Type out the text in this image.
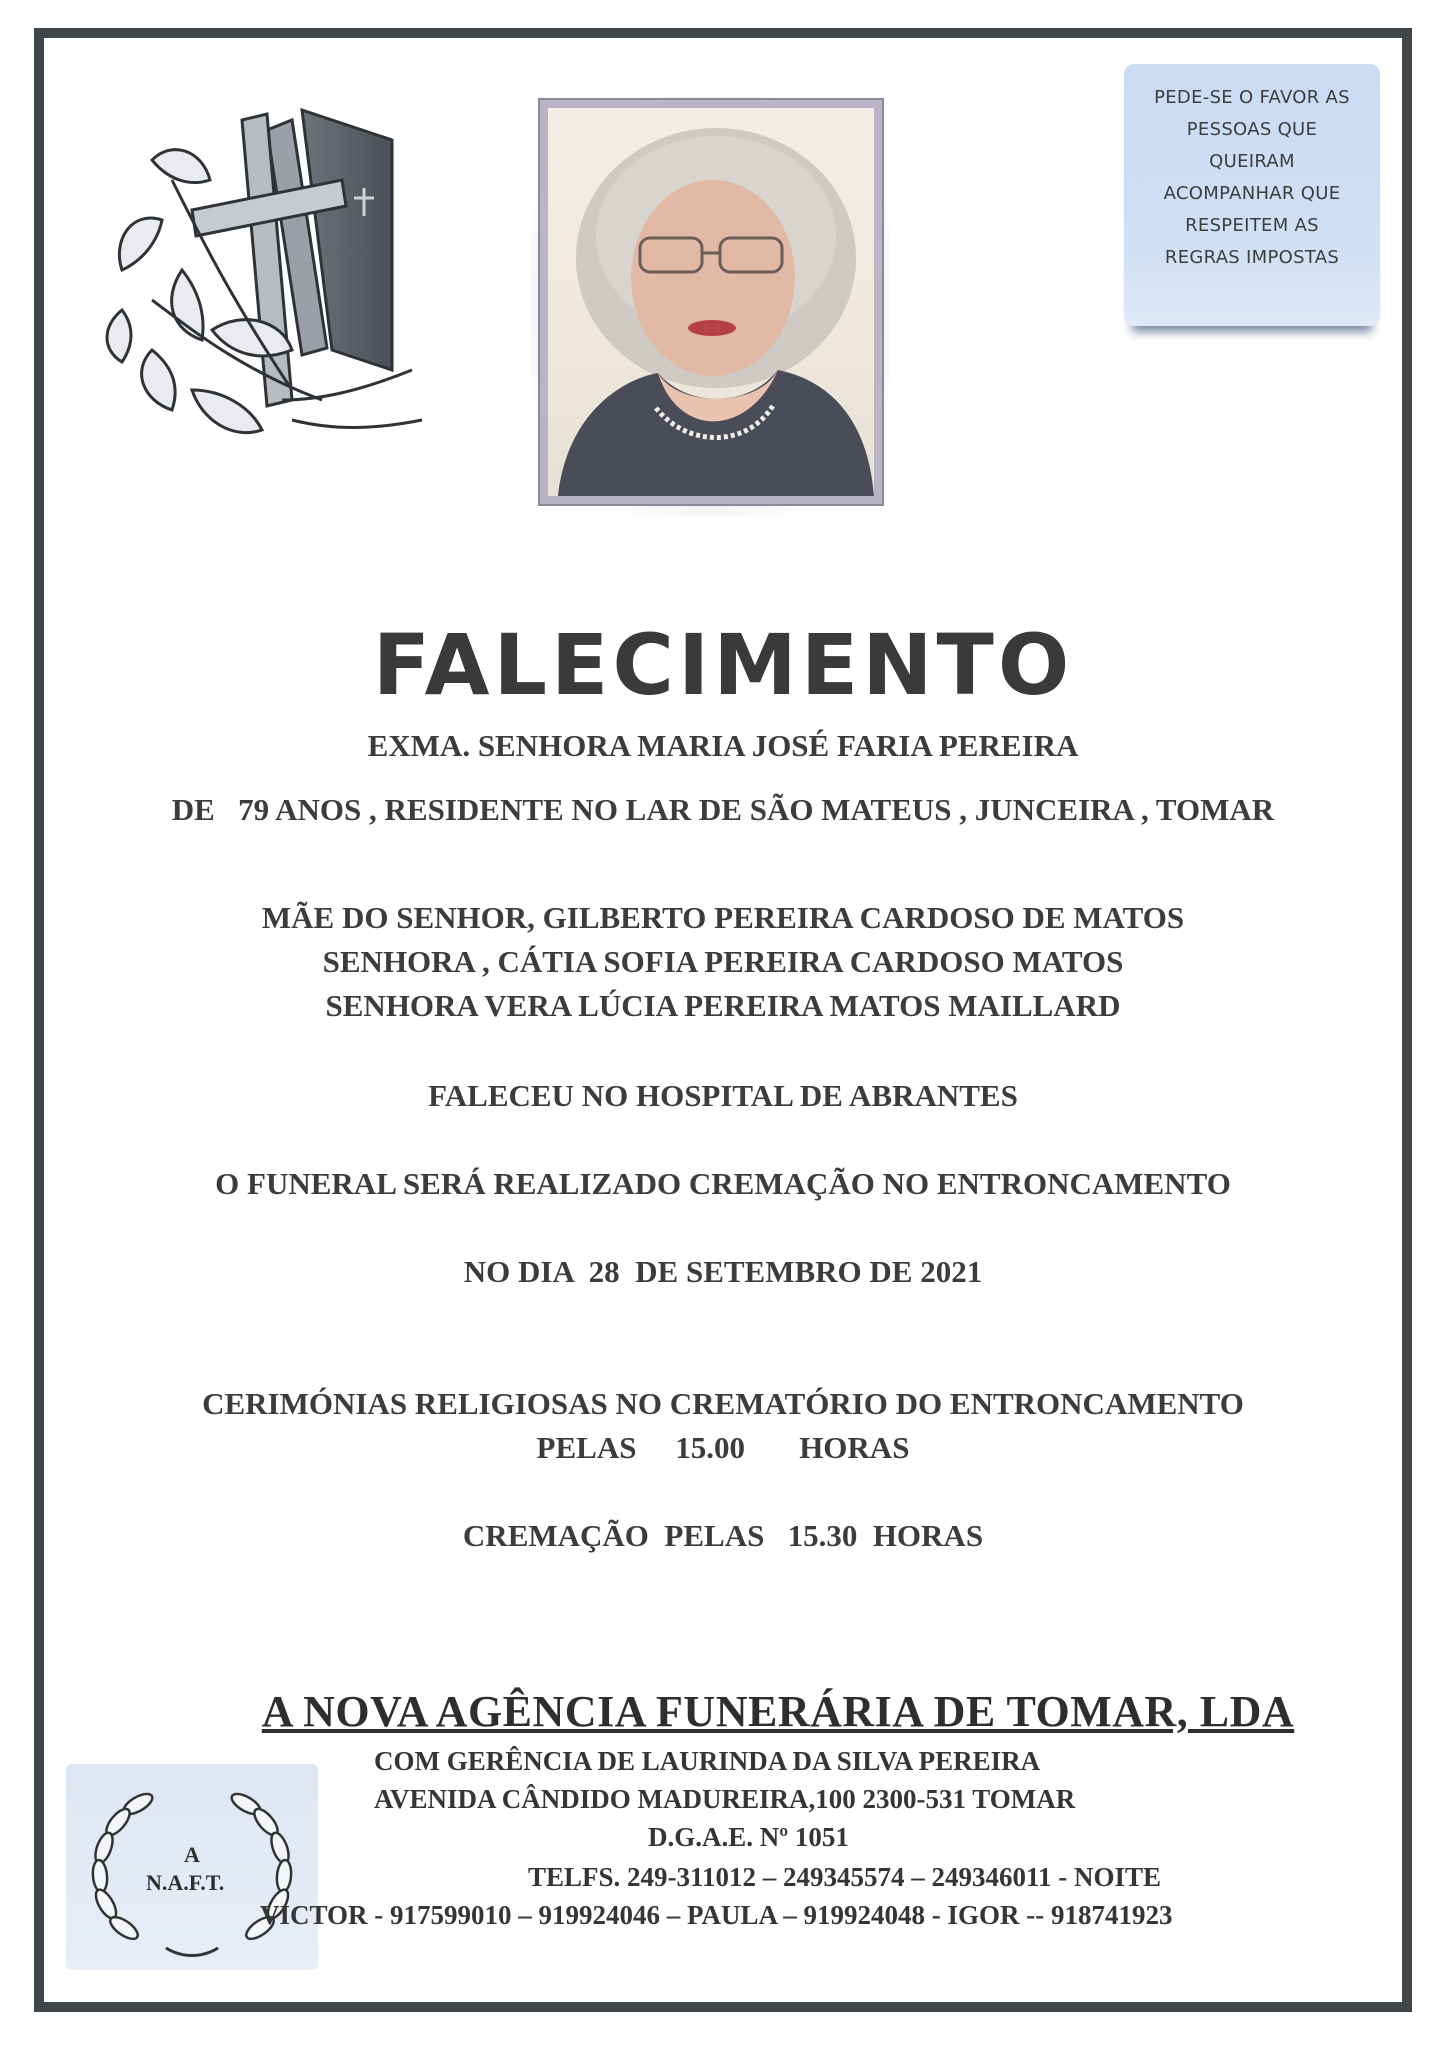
PEDE-SE O FAVOR AS
PESSOAS QUE
QUEIRAM
ACOMPANHAR QUE
RESPEITEM AS
REGRAS IMPOSTAS

FALECIMENTO
EXMA. SENHORA MARIA JOSÉ FARIA PEREIRA
DE   79 ANOS , RESIDENTE NO LAR DE SÃO MATEUS , JUNCEIRA , TOMAR
MÃE DO SENHOR, GILBERTO PEREIRA CARDOSO DE MATOS
SENHORA , CÁTIA SOFIA PEREIRA CARDOSO MATOS
SENHORA VERA LÚCIA PEREIRA MATOS MAILLARD
FALECEU NO HOSPITAL DE ABRANTES
O FUNERAL SERÁ REALIZADO CREMAÇÃO NO ENTRONCAMENTO
NO DIA  28  DE SETEMBRO DE 2021
CERIMÓNIAS RELIGIOSAS NO CREMATÓRIO DO ENTRONCAMENTO
PELAS     15.00       HORAS
CREMAÇÃO  PELAS   15.30  HORAS
A NOVA AGÊNCIA FUNERÁRIA DE TOMAR, LDA
COM GERÊNCIA DE LAURINDA DA SILVA PEREIRA
AVENIDA CÂNDIDO MADUREIRA,100 2300-531 TOMAR
D.G.A.E. Nº 1051
TELFS. 249-311012 – 249345574 – 249346011 - NOITE
A
N.A.F.T.
VICTOR - 917599010 – 919924046 – PAULA – 919924048 - IGOR -- 918741923
